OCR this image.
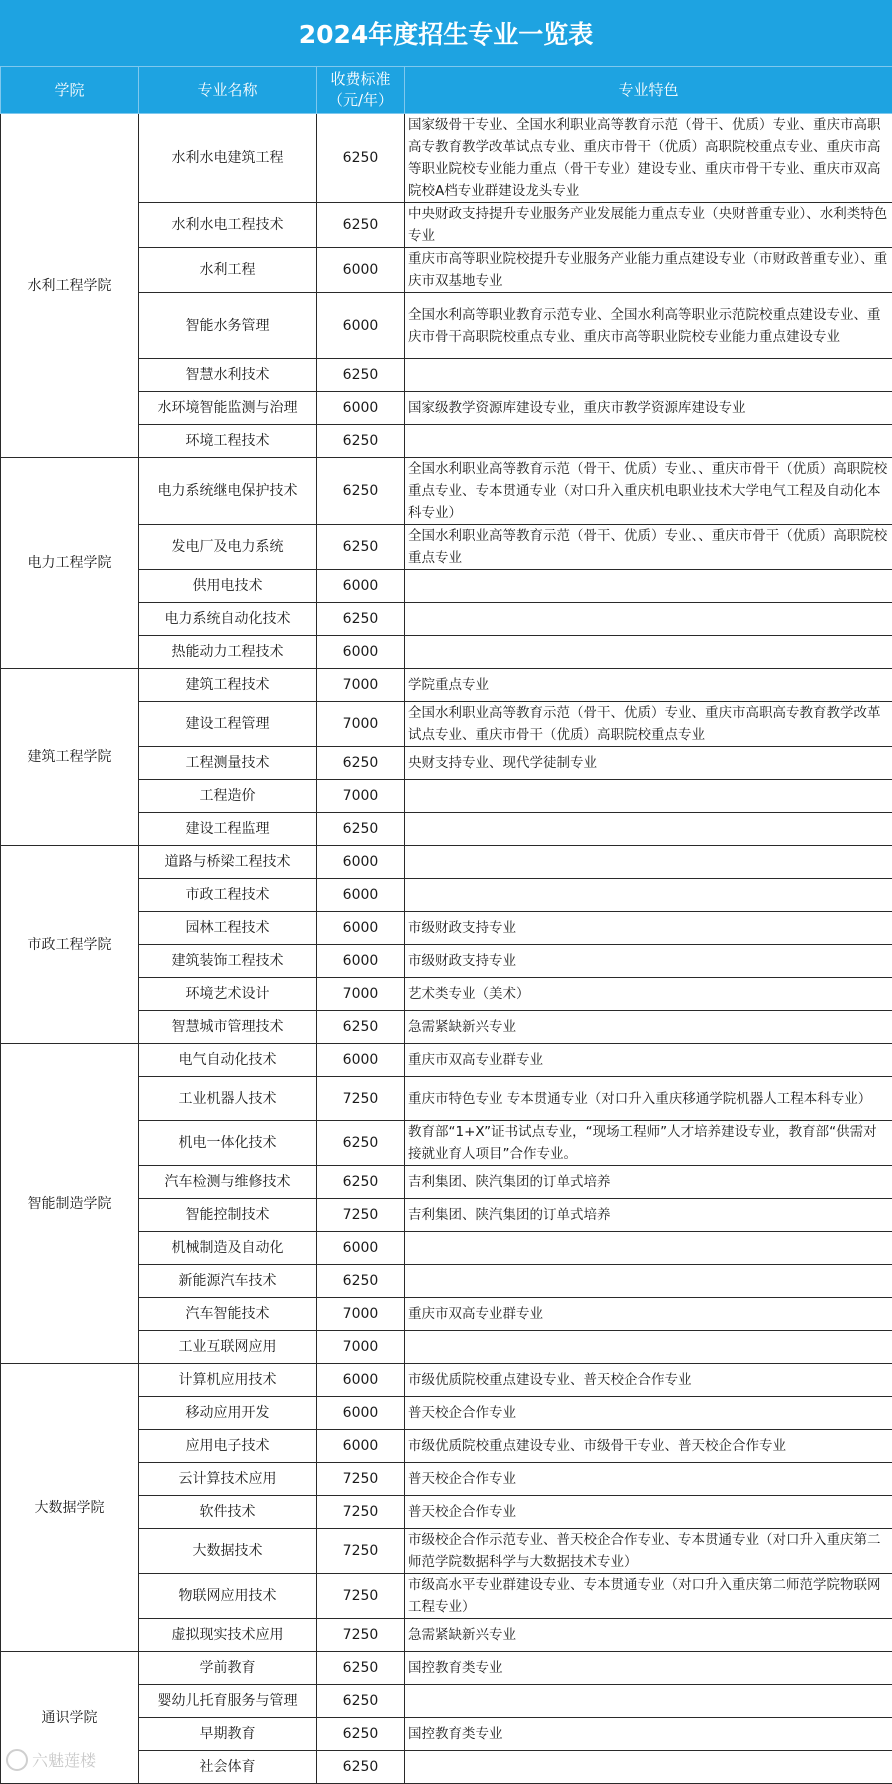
2024年度招生专业一览表
学院	专业名称	收费标准（元/年）	专业特色
水利工程学院	水利水电建筑工程	6250	国家级骨干专业、全国水利职业高等教育示范（骨干、优质）专业、重庆市高职高专教育教学改革试点专业、重庆市骨干（优质）高职院校重点专业、重庆市高等职业院校专业能力重点（骨干专业）建设专业、重庆市骨干专业、重庆市双高院校A档专业群建设龙头专业
	水利水电工程技术	6250	中央财政支持提升专业服务产业发展能力重点专业（央财普重专业）、水利类特色专业
	水利工程	6000	重庆市高等职业院校提升专业服务产业能力重点建设专业（市财政普重专业）、重庆市双基地专业
	智能水务管理	6000	全国水利高等职业教育示范专业、全国水利高等职业示范院校重点建设专业、重庆市骨干高职院校重点专业、重庆市高等职业院校专业能力重点建设专业
	智慧水利技术	6250	
	水环境智能监测与治理	6000	国家级教学资源库建设专业，重庆市教学资源库建设专业
	环境工程技术	6250	
电力工程学院	电力系统继电保护技术	6250	全国水利职业高等教育示范（骨干、优质）专业、、重庆市骨干（优质）高职院校重点专业、专本贯通专业（对口升入重庆机电职业技术大学电气工程及自动化本科专业）
	发电厂及电力系统	6250	全国水利职业高等教育示范（骨干、优质）专业、、重庆市骨干（优质）高职院校重点专业
	供用电技术	6000	
	电力系统自动化技术	6250	
	热能动力工程技术	6000	
建筑工程学院	建筑工程技术	7000	学院重点专业
	建设工程管理	7000	全国水利职业高等教育示范（骨干、优质）专业、重庆市高职高专教育教学改革试点专业、重庆市骨干（优质）高职院校重点专业
	工程测量技术	6250	央财支持专业、现代学徒制专业
	工程造价	7000	
	建设工程监理	6250	
市政工程学院	道路与桥梁工程技术	6000	
	市政工程技术	6000	
	园林工程技术	6000	市级财政支持专业
	建筑装饰工程技术	6000	市级财政支持专业
	环境艺术设计	7000	艺术类专业（美术）
	智慧城市管理技术	6250	急需紧缺新兴专业
智能制造学院	电气自动化技术	6000	重庆市双高专业群专业
	工业机器人技术	7250	重庆市特色专业 专本贯通专业（对口升入重庆移通学院机器人工程本科专业）
	机电一体化技术	6250	教育部“1+X”证书试点专业，“现场工程师”人才培养建设专业，教育部“供需对接就业育人项目”合作专业。
	汽车检测与维修技术	6250	吉利集团、陕汽集团的订单式培养
	智能控制技术	7250	吉利集团、陕汽集团的订单式培养
	机械制造及自动化	6000	
	新能源汽车技术	6250	
	汽车智能技术	7000	重庆市双高专业群专业
	工业互联网应用	7000	
大数据学院	计算机应用技术	6000	市级优质院校重点建设专业、普天校企合作专业
	移动应用开发	6000	普天校企合作专业
	应用电子技术	6000	市级优质院校重点建设专业、市级骨干专业、普天校企合作专业
	云计算技术应用	7250	普天校企合作专业
	软件技术	7250	普天校企合作专业
	大数据技术	7250	市级校企合作示范专业、普天校企合作专业、专本贯通专业（对口升入重庆第二师范学院数据科学与大数据技术专业）
	物联网应用技术	7250	市级高水平专业群建设专业、专本贯通专业（对口升入重庆第二师范学院物联网工程专业）
	虚拟现实技术应用	7250	急需紧缺新兴专业
通识学院	学前教育	6250	国控教育类专业
	婴幼儿托育服务与管理	6250	
	早期教育	6250	国控教育类专业
	社会体育	6250	
六魅莲楼
